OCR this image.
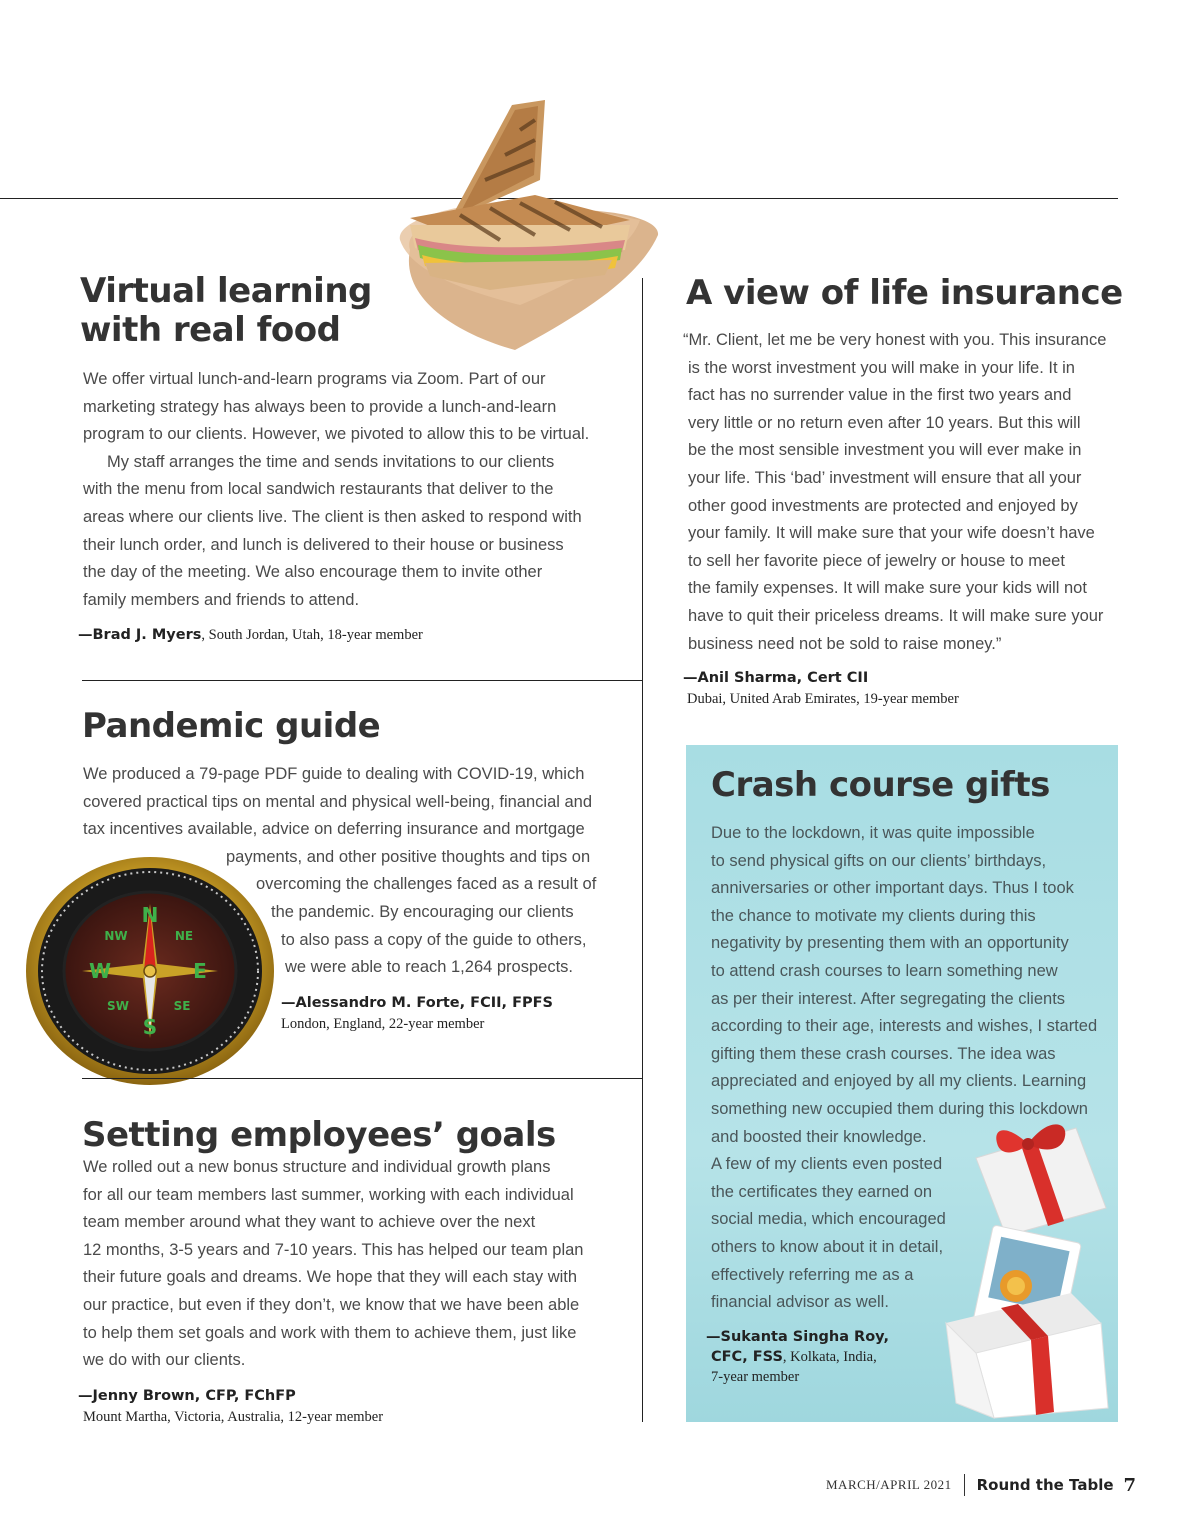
Virtual learning
with real food
We offer virtual lunch-and-learn programs via Zoom. Part of our
marketing strategy has always been to provide a lunch-and-learn
program to our clients. However, we pivoted to allow this to be virtual.
My staff arranges the time and sends invitations to our clients
with the menu from local sandwich restaurants that deliver to the
areas where our clients live. The client is then asked to respond with
their lunch order, and lunch is delivered to their house or business
the day of the meeting. We also encourage them to invite other
family members and friends to attend.
—Brad J. Myers, South Jordan, Utah, 18-year member
Pandemic guide
We produced a 79-page PDF guide to dealing with COVID-19, which
covered practical tips on mental and physical well-being, financial and
tax incentives available, advice on deferring insurance and mortgage
payments, and other positive thoughts and tips on
overcoming the challenges faced as a result of
the pandemic. By encouraging our clients
to also pass a copy of the guide to others,
we were able to reach 1,264 prospects.
—Alessandro M. Forte, FCII, FPFS
London, England, 22-year member
N
NE
E
SE
S
SW
W
NW
Setting employees’ goals
We rolled out a new bonus structure and individual growth plans
for all our team members last summer, working with each individual
team member around what they want to achieve over the next
12 months, 3-5 years and 7-10 years. This has helped our team plan
their future goals and dreams. We hope that they will each stay with
our practice, but even if they don’t, we know that we have been able
to help them set goals and work with them to achieve them, just like
we do with our clients.
—Jenny Brown, CFP, FChFP
Mount Martha, Victoria, Australia, 12-year member
A view of life insurance
“Mr. Client, let me be very honest with you. This insurance
is the worst investment you will make in your life. It in
fact has no surrender value in the first two years and
very little or no return even after 10 years. But this will
be the most sensible investment you will ever make in
your life. This ‘bad’ investment will ensure that all your
other good investments are protected and enjoyed by
your family. It will make sure that your wife doesn’t have
to sell her favorite piece of jewelry or house to meet
the family expenses. It will make sure your kids will not
have to quit their priceless dreams. It will make sure your
business need not be sold to raise money.”
—Anil Sharma, Cert CII
Dubai, United Arab Emirates, 19-year member
Crash course gifts
Due to the lockdown, it was quite impossible
to send physical gifts on our clients’ birthdays,
anniversaries or other important days. Thus I took
the chance to motivate my clients during this
negativity by presenting them with an opportunity
to attend crash courses to learn something new
as per their interest. After segregating the clients
according to their age, interests and wishes, I started
gifting them these crash courses. The idea was
appreciated and enjoyed by all my clients. Learning
something new occupied them during this lockdown
and boosted their knowledge.
A few of my clients even posted
the certificates they earned on
social media, which encouraged
others to know about it in detail,
effectively referring me as a
financial advisor as well.
—Sukanta Singha Roy,
CFC, FSS, Kolkata, India,
7-year member
MARCH/APRIL 2021 Round the Table 7
